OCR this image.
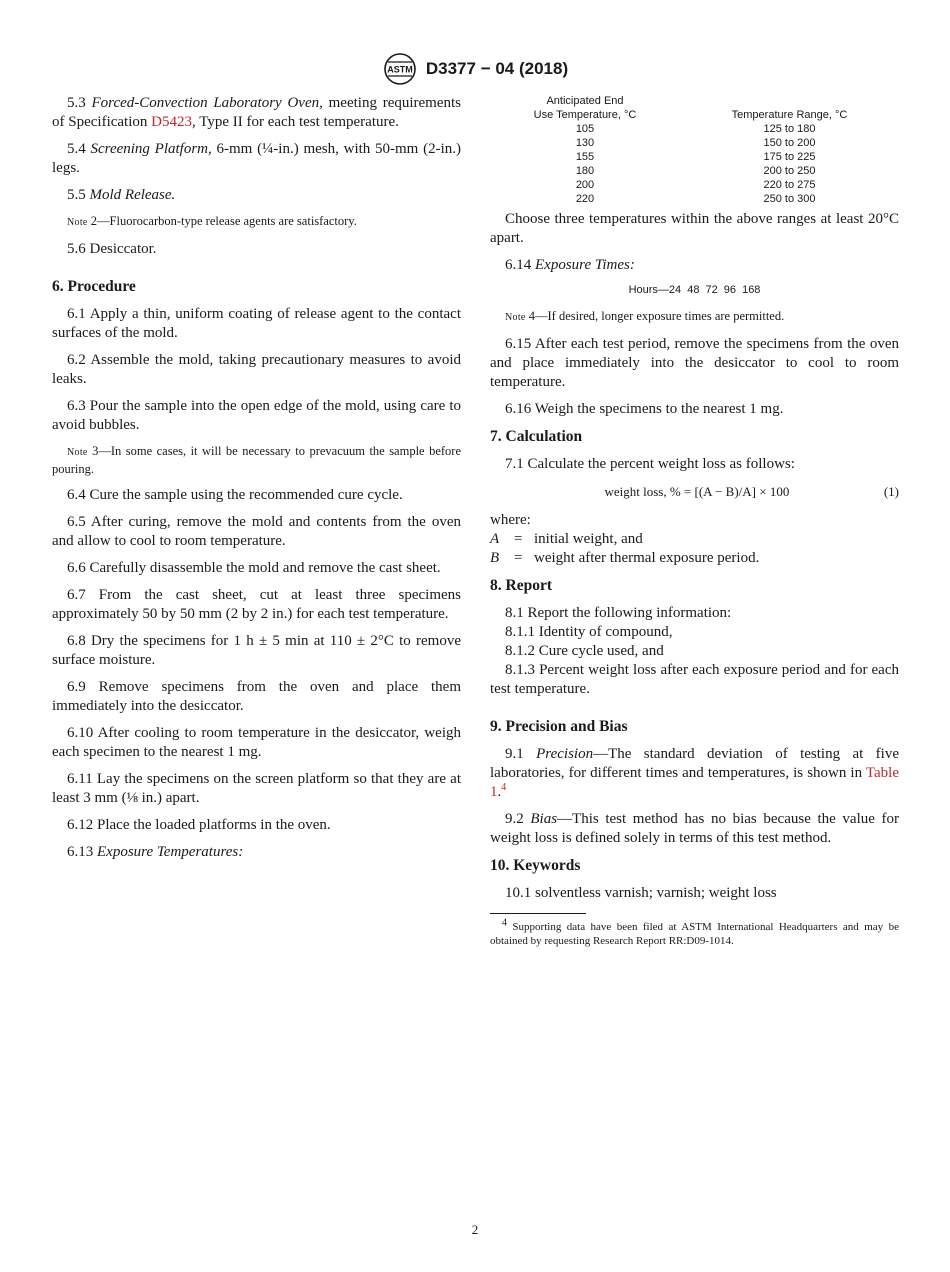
ASTM D3377 − 04 (2018)

5.3 Forced-Convection Laboratory Oven, meeting requirements of Specification D5423, Type II for each test temperature.

5.4 Screening Platform, 6-mm (¼-in.) mesh, with 50-mm (2-in.) legs.

5.5 Mold Release.

Note 2—Fluorocarbon-type release agents are satisfactory.

5.6 Desiccator.

6. Procedure

6.1 Apply a thin, uniform coating of release agent to the contact surfaces of the mold.

6.2 Assemble the mold, taking precautionary measures to avoid leaks.

6.3 Pour the sample into the open edge of the mold, using care to avoid bubbles.

Note 3—In some cases, it will be necessary to prevacuum the sample before pouring.

6.4 Cure the sample using the recommended cure cycle.

6.5 After curing, remove the mold and contents from the oven and allow to cool to room temperature.

6.6 Carefully disassemble the mold and remove the cast sheet.

6.7 From the cast sheet, cut at least three specimens approximately 50 by 50 mm (2 by 2 in.) for each test temperature.

6.8 Dry the specimens for 1 h ± 5 min at 110 ± 2°C to remove surface moisture.

6.9 Remove specimens from the oven and place them immediately into the desiccator.

6.10 After cooling to room temperature in the desiccator, weigh each specimen to the nearest 1 mg.

6.11 Lay the specimens on the screen platform so that they are at least 3 mm (⅛ in.) apart.

6.12 Place the loaded platforms in the oven.

6.13 Exposure Temperatures:

Anticipated End
Use Temperature, °C
	Temperature Range, °C
105	125 to 180
130	150 to 200
155	175 to 225
180	200 to 250
200	220 to 275
220	250 to 300

Choose three temperatures within the above ranges at least 20°C apart.

6.14 Exposure Times:

Hours—24 48 72 96 168

Note 4—If desired, longer exposure times are permitted.

6.15 After each test period, remove the specimens from the oven and place immediately into the desiccator to cool to room temperature.

6.16 Weigh the specimens to the nearest 1 mg.

7. Calculation

7.1 Calculate the percent weight loss as follows:

weight loss, % = [(A − B)/A] × 100	(1)

where:

A = initial weight, and
B = weight after thermal exposure period.
8. Report

8.1 Report the following information:

8.1.1 Identity of compound,

8.1.2 Cure cycle used, and

8.1.3 Percent weight loss after each exposure period and for each test temperature.

9. Precision and Bias

9.1 Precision—The standard deviation of testing at five laboratories, for different times and temperatures, is shown in Table 1.$^4$

9.2 Bias—This test method has no bias because the value for weight loss is defined solely in terms of this test method.

10. Keywords

10.1 solventless varnish; varnish; weight loss

$^4$ Supporting data have been filed at ASTM International Headquarters and may be obtained by requesting Research Report RR:D09-1014.

2
